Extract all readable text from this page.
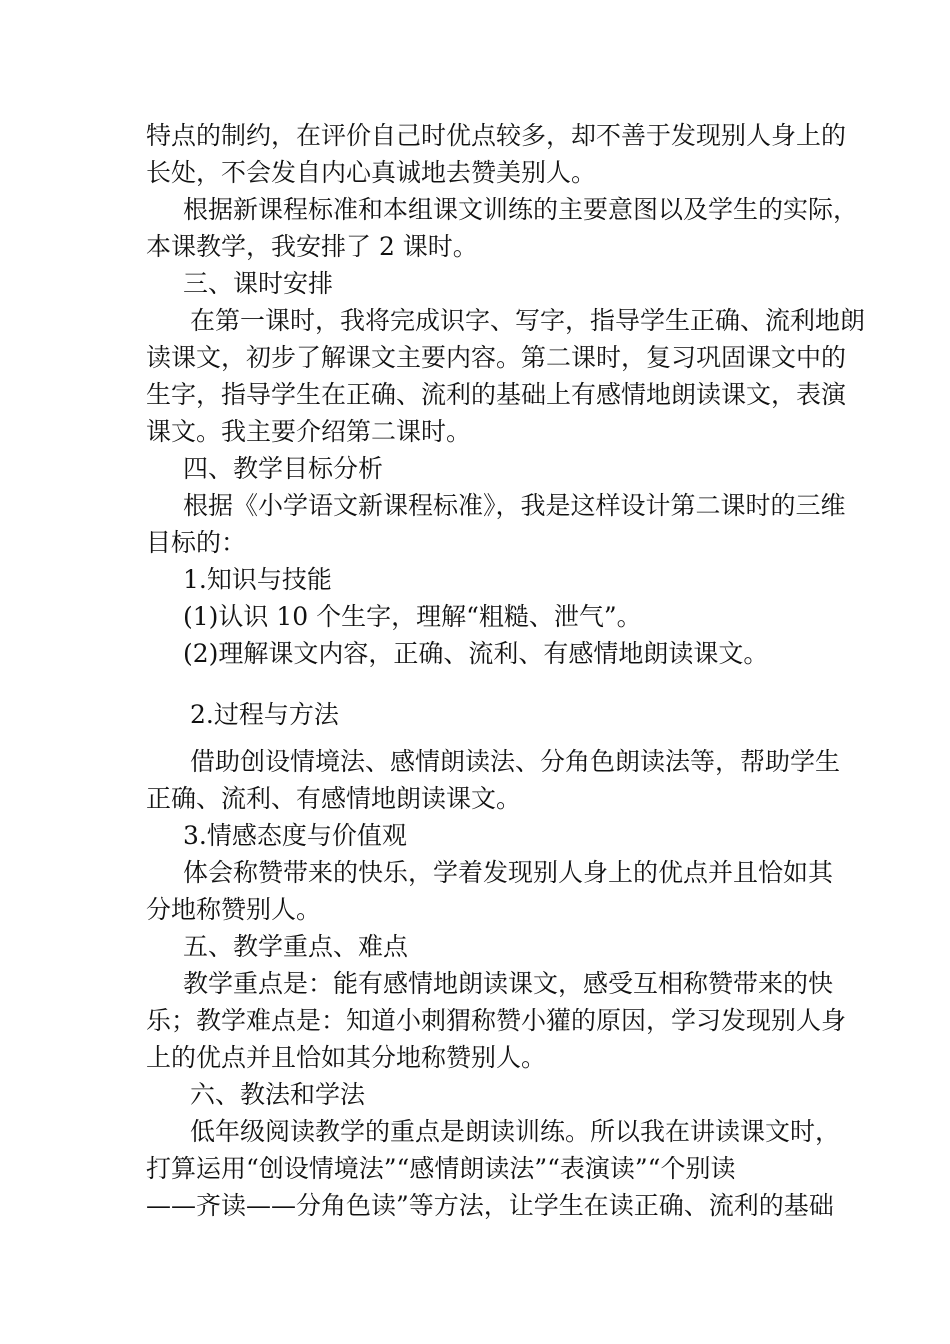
特点的制约，在评价自己时优点较多，却不善于发现别人身上的
长处，不会发自内心真诚地去赞美别人。
根据新课程标准和本组课文训练的主要意图以及学生的实际，
本课教学，我安排了 2 课时。
三、课时安排
在第一课时，我将完成识字、写字，指导学生正确、流利地朗
读课文，初步了解课文主要内容。第二课时，复习巩固课文中的
生字，指导学生在正确、流利的基础上有感情地朗读课文，表演
课文。我主要介绍第二课时。
四、教学目标分析
根据《小学语文新课程标准》，我是这样设计第二课时的三维
目标的：
1.知识与技能
(1)认识 10 个生字，理解“粗糙、泄气”。
(2)理解课文内容，正确、流利、有感情地朗读课文。
2.过程与方法
借助创设情境法、感情朗读法、分角色朗读法等，帮助学生
正确、流利、有感情地朗读课文。
3.情感态度与价值观
体会称赞带来的快乐，学着发现别人身上的优点并且恰如其
分地称赞别人。
五、教学重点、难点
教学重点是：能有感情地朗读课文，感受互相称赞带来的快
乐；教学难点是：知道小刺猬称赞小獾的原因，学习发现别人身
上的优点并且恰如其分地称赞别人。
六、教法和学法
低年级阅读教学的重点是朗读训练。所以我在讲读课文时，
打算运用“创设情境法”“感情朗读法”“表演读”“个别读
——齐读——分角色读”等方法，让学生在读正确、流利的基础
